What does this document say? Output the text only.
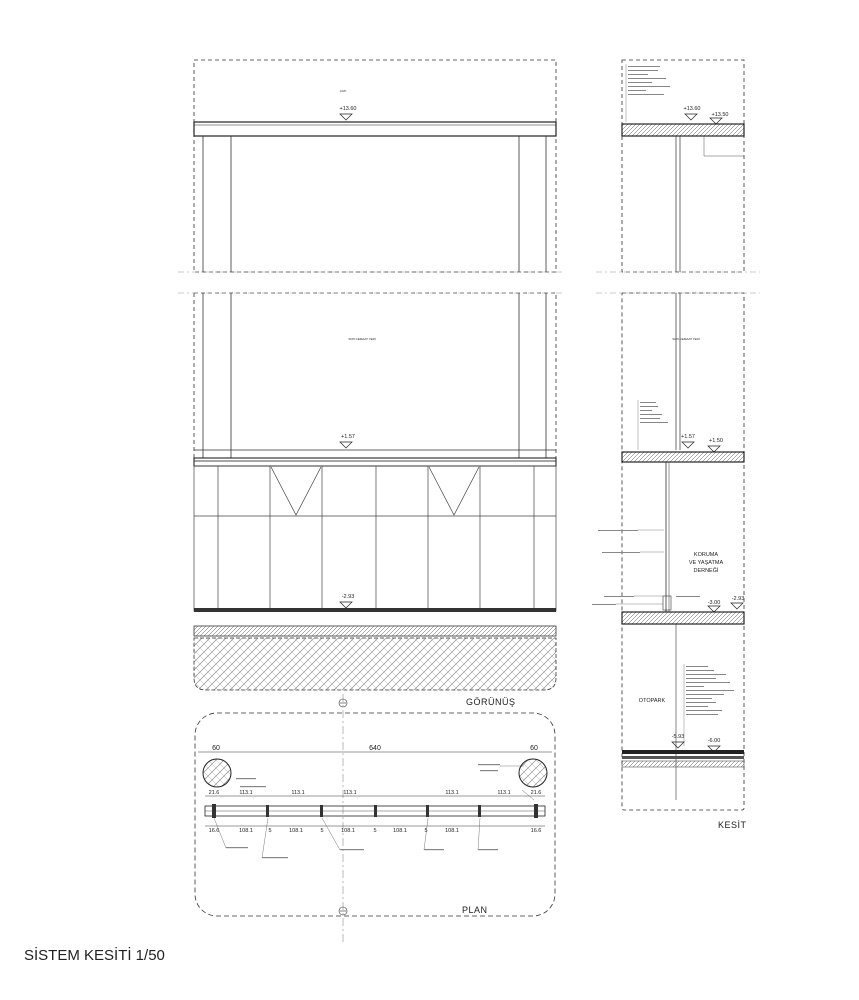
ÇATI
+13.60
SON CEMAAT YERİ
+1.57
-2.93
GÖRÜNÜŞ
60	640	60
21.6	21.6
113.1	113.1	113.1	113.1	113.1
16.6	16.6
108.1	5	108.1	5	108.1	5	108.1	5	108.1
PLAN
+13.60
+13.50
SON CEMAAT YERİ
+1.57
+1.50
KORUMA
VE YAŞATMA
DERNEĞİ
-3.00
-2.93
OTOPARK
-5.93
-6.00
KESİT
SİSTEM KESİTİ 1/50
